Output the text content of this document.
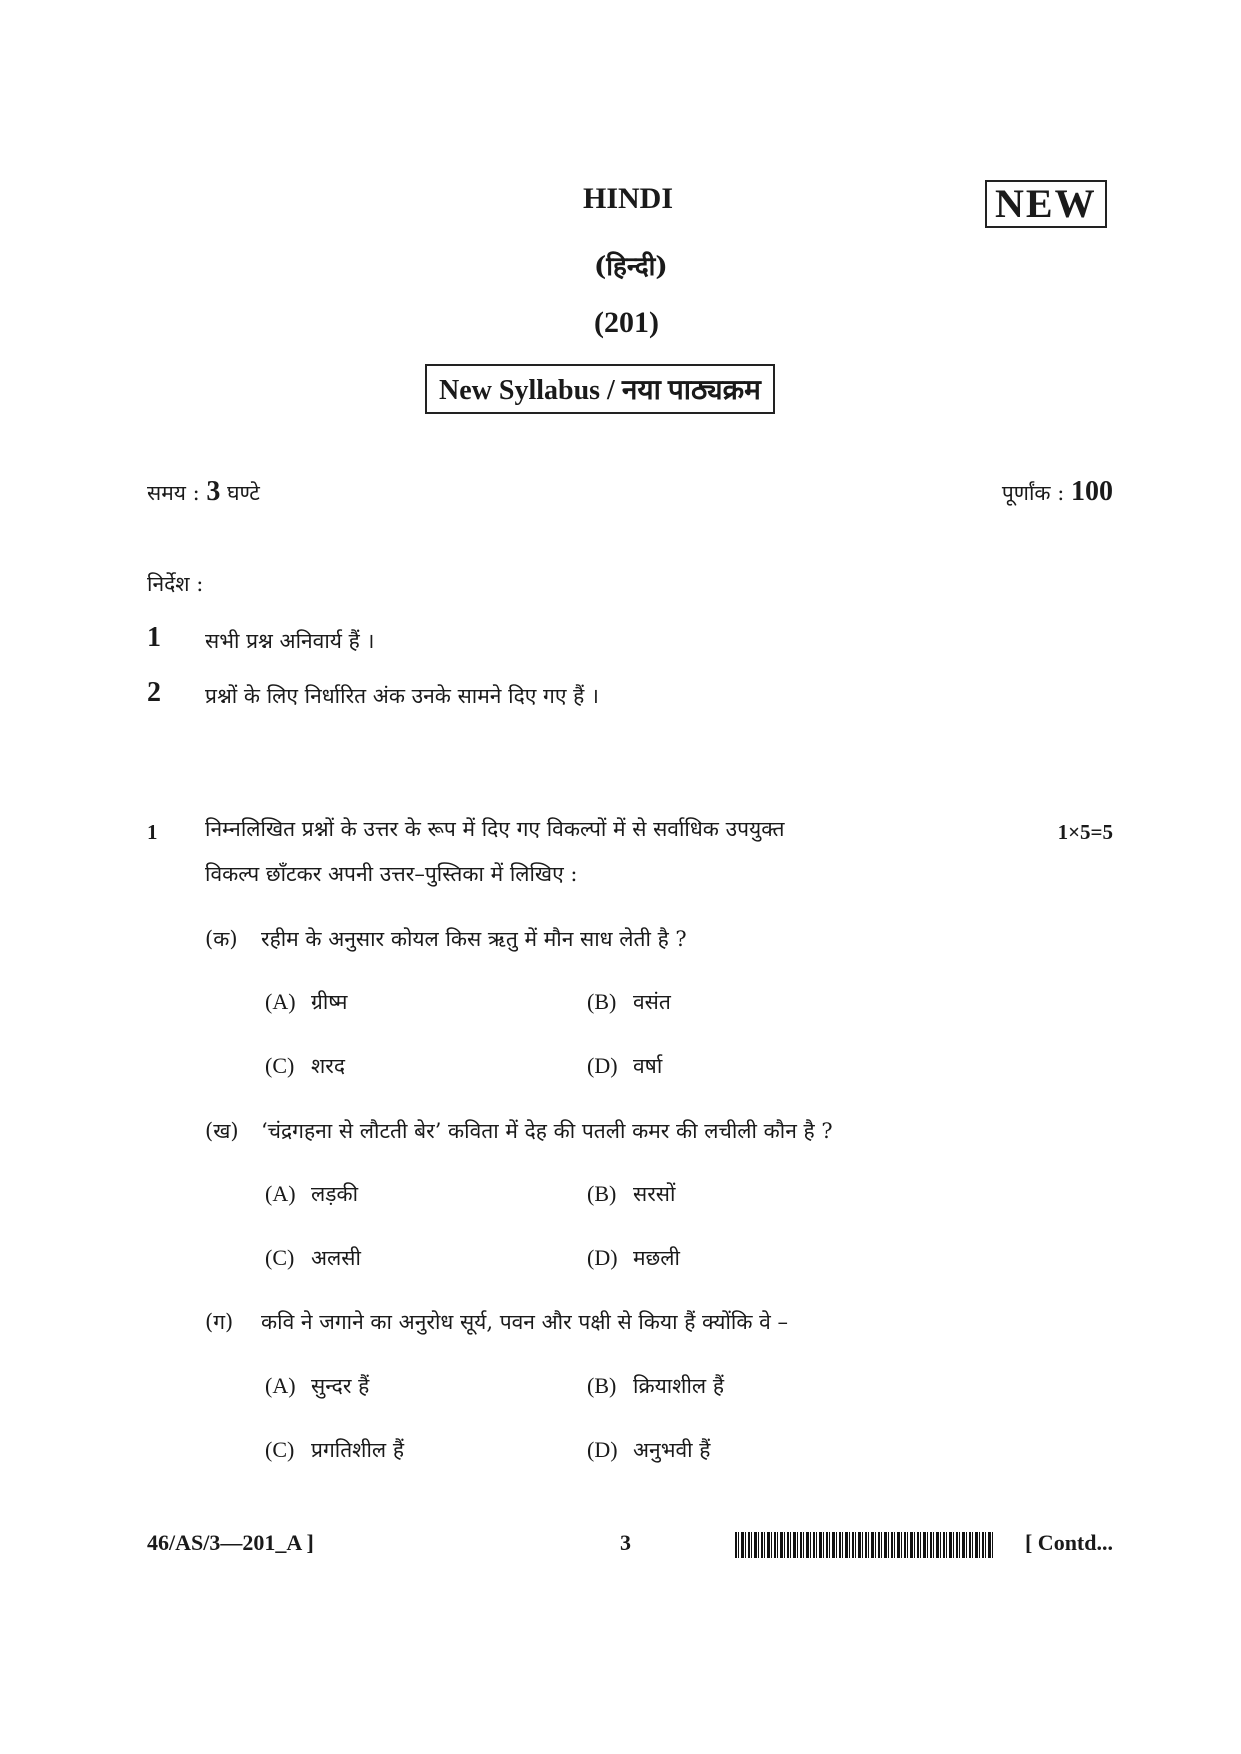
HINDI	NEW
(हिन्दी)
(201)
New Syllabus / नया पाठ्यक्रम
समय : 3 घण्टे	पूर्णांक : 100
निर्देश :
1 सभी प्रश्न अनिवार्य हैं ।
2 प्रश्नों के लिए निर्धारित अंक उनके सामने दिए गए हैं ।
1 निम्नलिखित प्रश्नों के उत्तर के रूप में दिए गए विकल्पों में से सर्वाधिक उपयुक्त
विकल्प छाँटकर अपनी उत्तर–पुस्तिका में लिखिए :
1×5=5
(क) रहीम के अनुसार कोयल किस ऋतु में मौन साध लेती है ?
(A) ग्रीष्म	(B) वसंत
(C) शरद	(D) वर्षा
(ख) ‘चंद्रगहना से लौटती बेर’ कविता में देह की पतली कमर की लचीली कौन है ?
(A) लड़की	(B) सरसों
(C) अलसी	(D) मछली
(ग) कवि ने जगाने का अनुरोध सूर्य, पवन और पक्षी से किया हैं क्योंकि वे –
(A) सुन्दर हैं	(B) क्रियाशील हैं
(C) प्रगतिशील हैं	(D) अनुभवी हैं
46/AS/3—201_A ]	3	[ Contd...
